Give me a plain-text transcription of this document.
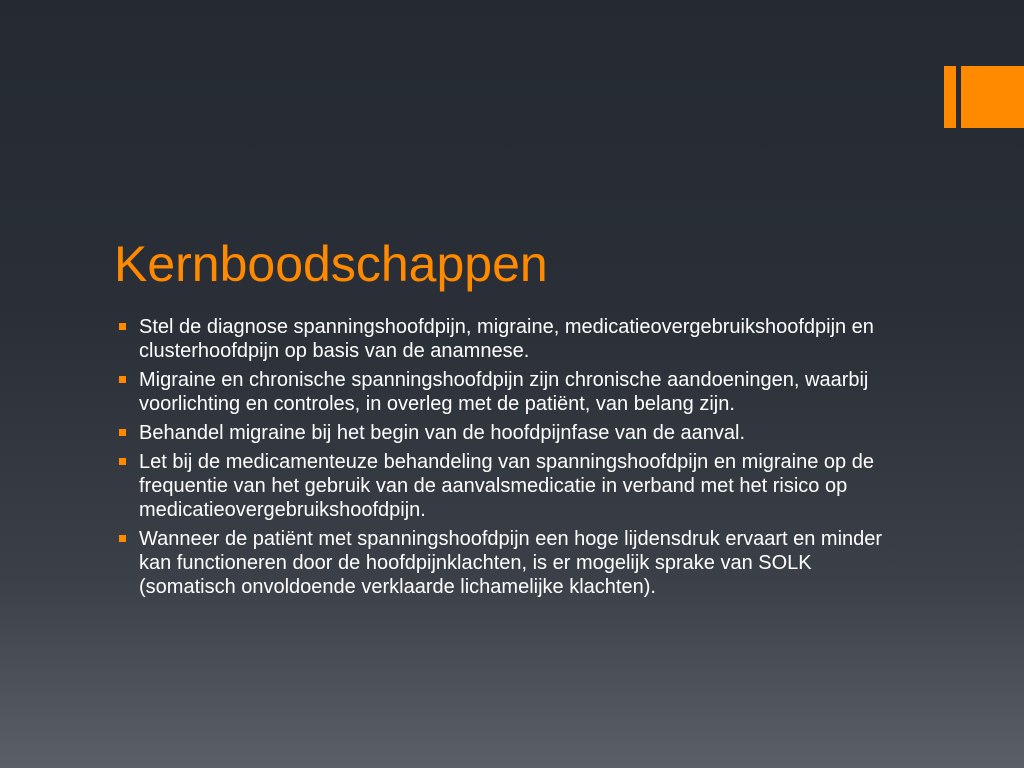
Kernboodschappen
Stel de diagnose spanningshoofdpijn, migraine, medicatieovergebruikshoofdpijn en clusterhoofdpijn op basis van de anamnese.
Migraine en chronische spanningshoofdpijn zijn chronische aandoeningen, waarbij voorlichting en controles, in overleg met de patiënt, van belang zijn.
Behandel migraine bij het begin van de hoofdpijnfase van de aanval.
Let bij de medicamenteuze behandeling van spanningshoofdpijn en migraine op de frequentie van het gebruik van de aanvalsmedicatie in verband met het risico op medicatieovergebruikshoofdpijn.
Wanneer de patiënt met spanningshoofdpijn een hoge lijdensdruk ervaart en minder kan functioneren door de hoofdpijnklachten, is er mogelijk sprake van SOLK (somatisch onvoldoende verklaarde lichamelijke klachten).
